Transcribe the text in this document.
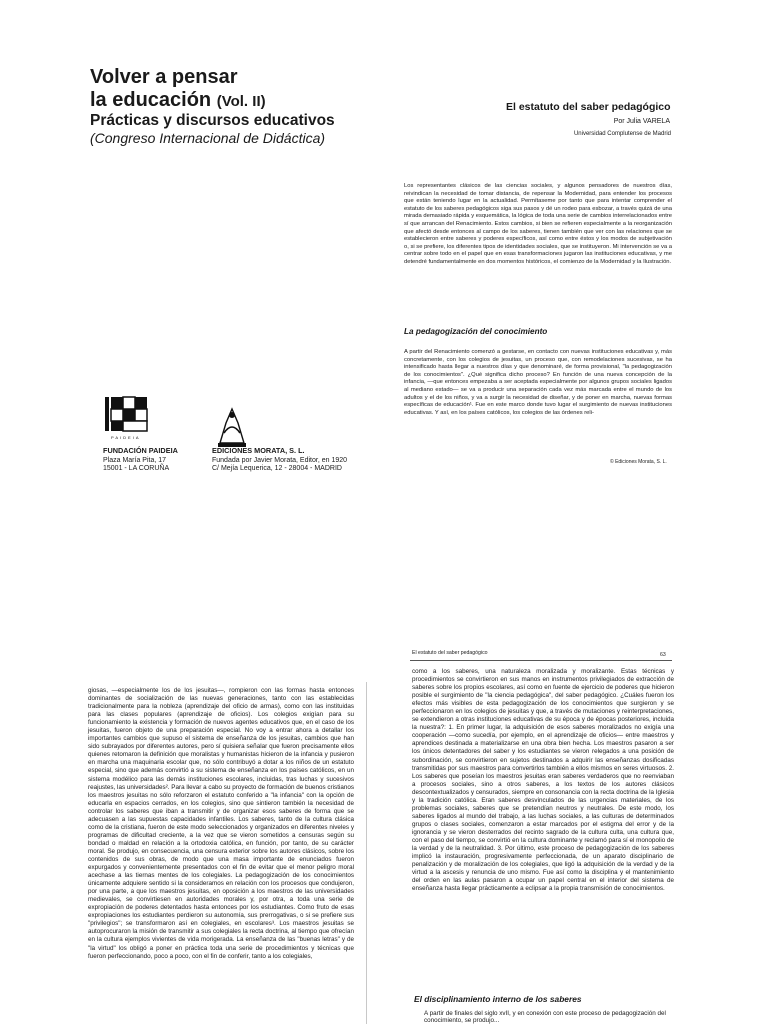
Volver a pensar
la educación (Vol. II)
Prácticas y discursos educativos
(Congreso Internacional de Didáctica)
El estatuto del saber pedagógico
Por Julia VARELA
Universidad Complutense de Madrid

Los representantes clásicos de las ciencias sociales, y algunos pensadores de nuestros días, reivindican la necesidad de tomar distancia, de repensar la Modernidad, para entender los procesos que están teniendo lugar en la actualidad. Permítaseme por tanto que para intentar comprender el estatuto de los saberes pedagógicos siga sus pasos y dé un rodeo para esbozar, a través quizá de una mirada demasiado rápida y esquemática, la lógica de toda una serie de cambios interrelacionados entre sí que arrancan del Renacimiento. Estos cambios, si bien se refieren especialmente a la reorganización que afectó desde entonces al campo de los saberes, tienen también que ver con las relaciones que se establecieron entre saberes y poderes específicos, así como entre éstos y los modos de subjetivación o, si se prefiere, los diferentes tipos de identidades sociales, que se instituyeron. Mi intervención se va a centrar sobre todo en el papel que en esas transformaciones jugaron las instituciones educativas, y me detendré fundamentalmente en dos momentos históricos, el comienzo de la Modernidad y la Ilustración.

La pedagogización del conocimiento

A partir del Renacimiento comenzó a gestarse, en contacto con nuevas instituciones educativas y, más concretamente, con los colegios de jesuitas, un proceso que, con remodelaciones sucesivas, se ha intensificado hasta llegar a nuestros días y que denominaré, de forma provisional, "la pedagogización de los conocimientos". ¿Qué significa dicho proceso? En función de una nueva concepción de la infancia, —que entonces empezaba a ser aceptada especialmente por algunos grupos sociales ligados al mediano estado— se va a producir una separación cada vez más marcada entre el mundo de los adultos y el de los niños, y va a surgir la necesidad de diseñar, y de poner en marcha, nuevas formas específicas de educación¹. Fue en este marco donde tuvo lugar el surgimiento de nuevas instituciones educativas. Y así, en los países católicos, los colegios de las órdenes reli-

© Ediciones Morata, S. L.
PAIDEIA
FUNDACIÓN PAIDEIA
Plaza María Pita, 17
15001 - LA CORUÑA
EDICIONES MORATA, S. L.
Fundada por Javier Morata, Editor, en 1920
C/ Mejía Lequerica, 12 - 28004 - MADRID
El estatuto del saber pedagógico	63

giosas, —especialmente los de los jesuitas—, rompieron con las formas hasta entonces dominantes de socialización de las nuevas generaciones, tanto con las establecidas tradicionalmente para la nobleza (aprendizaje del oficio de armas), como con las instituidas para las clases populares (aprendizaje de oficios). Los colegios exigían para su funcionamiento la existencia y formación de nuevos agentes educativos que, en el caso de los jesuitas, fueron objeto de una preparación especial. No voy a entrar ahora a detallar los importantes cambios que supuso el sistema de enseñanza de los jesuitas, cambios que han sido subrayados por diferentes autores, pero sí quisiera señalar que fueron precisamente ellos quienes retomaron la definición que moralistas y humanistas hicieron de la infancia y pusieron en marcha una maquinaria escolar que, no sólo contribuyó a dotar a los niños de un estatuto especial, sino que además convirtió a su sistema de enseñanza en los países católicos, en un sistema modélico para las demás instituciones escolares, incluidas, tras luchas y sucesivos reajustes, las universidades². Para llevar a cabo su proyecto de formación de buenos cristianos los maestros jesuitas no sólo reforzaron el estatuto conferido a "la infancia" con la opción de educarla en espacios cerrados, en los colegios, sino que sintieron también la necesidad de controlar los saberes que iban a transmitir y de organizar esos saberes de forma que se adecuasen a las supuestas capacidades infantiles. Los saberes, tanto de la cultura clásica como de la cristiana, fueron de este modo seleccionados y organizados en diferentes niveles y programas de dificultad creciente, a la vez que se vieron sometidos a censuras según su bondad o maldad en relación a la ortodoxia católica, en función, por tanto, de su carácter moral. Se produjo, en consecuencia, una censura exterior sobre los autores clásicos, sobre los contenidos de sus obras, de modo que una masa importante de enunciados fueron expurgados y convenientemente presentados con el fin de evitar que el menor peligro moral acechase a las tiernas mentes de los colegiales. La pedagogización de los conocimientos únicamente adquiere sentido si la consideramos en relación con los procesos que condujeron, por una parte, a que los maestros jesuitas, en oposición a los maestros de las universidades medievales, se convirtiesen en autoridades morales y, por otra, a toda una serie de expropiación de poderes detentados hasta entonces por los estudiantes. Como fruto de esas expropiaciones los estudiantes perdieron su autonomía, sus prerrogativas, o si se prefiere sus "privilegios"; se transformaron así en colegiales, en escolares³. Los maestros jesuitas se autoprocuraron la misión de transmitir a sus colegiales la recta doctrina, al tiempo que ofrecían en la cultura ejemplos vivientes de vida morigerada. La enseñanza de las "buenas letras" y de "la virtud" los obligó a poner en práctica toda una serie de procedimientos y técnicas que fueron perfeccionando, poco a poco, con el fin de conferir, tanto a los colegiales,

como a los saberes, una naturaleza moralizada y moralizante. Estas técnicas y procedimientos se convirtieron en sus manos en instrumentos privilegiados de extracción de saberes sobre los propios escolares, así como en fuente de ejercicio de poderes que hicieron posible el surgimiento de "la ciencia pedagógica", del saber pedagógico. ¿Cuáles fueron los efectos más visibles de esta pedagogización de los conocimientos que surgieron y se perfeccionaron en los colegios de jesuitas y que, a través de mutaciones y reinterpretaciones, se extendieron a otras instituciones educativas de su época y de épocas posteriores, incluida la nuestra?: 1. En primer lugar, la adquisición de esos saberes moralizados no exigía una cooperación —como sucedía, por ejemplo, en el aprendizaje de oficios— entre maestros y aprendices destinada a materializarse en una obra bien hecha. Los maestros pasaron a ser los únicos detentadores del saber y los estudiantes se vieron relegados a una posición de subordinación, se convirtieron en sujetos destinados a adquirir las enseñanzas dosificadas transmitidas por sus maestros para convertirlos también a ellos mismos en seres virtuosos. 2. Los saberes que poseían los maestros jesuitas eran saberes verdaderos que no reenviaban a procesos sociales, sino a otros saberes, a los textos de los autores clásicos descontextualizados y censurados, siempre en consonancia con la recta doctrina de la Iglesia y la tradición católica. Eran saberes desvinculados de las urgencias materiales, de los problemas sociales, saberes que se pretendían neutros y neutrales. De este modo, los saberes ligados al mundo del trabajo, a las luchas sociales, a las culturas de determinados grupos o clases sociales, comenzaron a estar marcados por el estigma del error y de la ignorancia y se vieron desterrados del recinto sagrado de la cultura culta, una cultura que, con el paso del tiempo, se convirtió en la cultura dominante y reclamó para sí el monopolio de la verdad y de la neutralidad. 3. Por último, este proceso de pedagogización de los saberes implicó la instauración, progresivamente perfeccionada, de un aparato disciplinario de penalización y de moralización de los colegiales, que ligó la adquisición de la verdad y de la virtud a la ascesis y renuncia de uno mismo. Fue así como la disciplina y el mantenimiento del orden en las aulas pasaron a ocupar un papel central en el interior del sistema de enseñanza hasta llegar prácticamente a eclipsar a la propia transmisión de conocimientos.

El disciplinamiento interno de los saberes
A partir de finales del siglo xvII, y en conexión con este proceso de pedagogización del conocimiento, se produjo...
